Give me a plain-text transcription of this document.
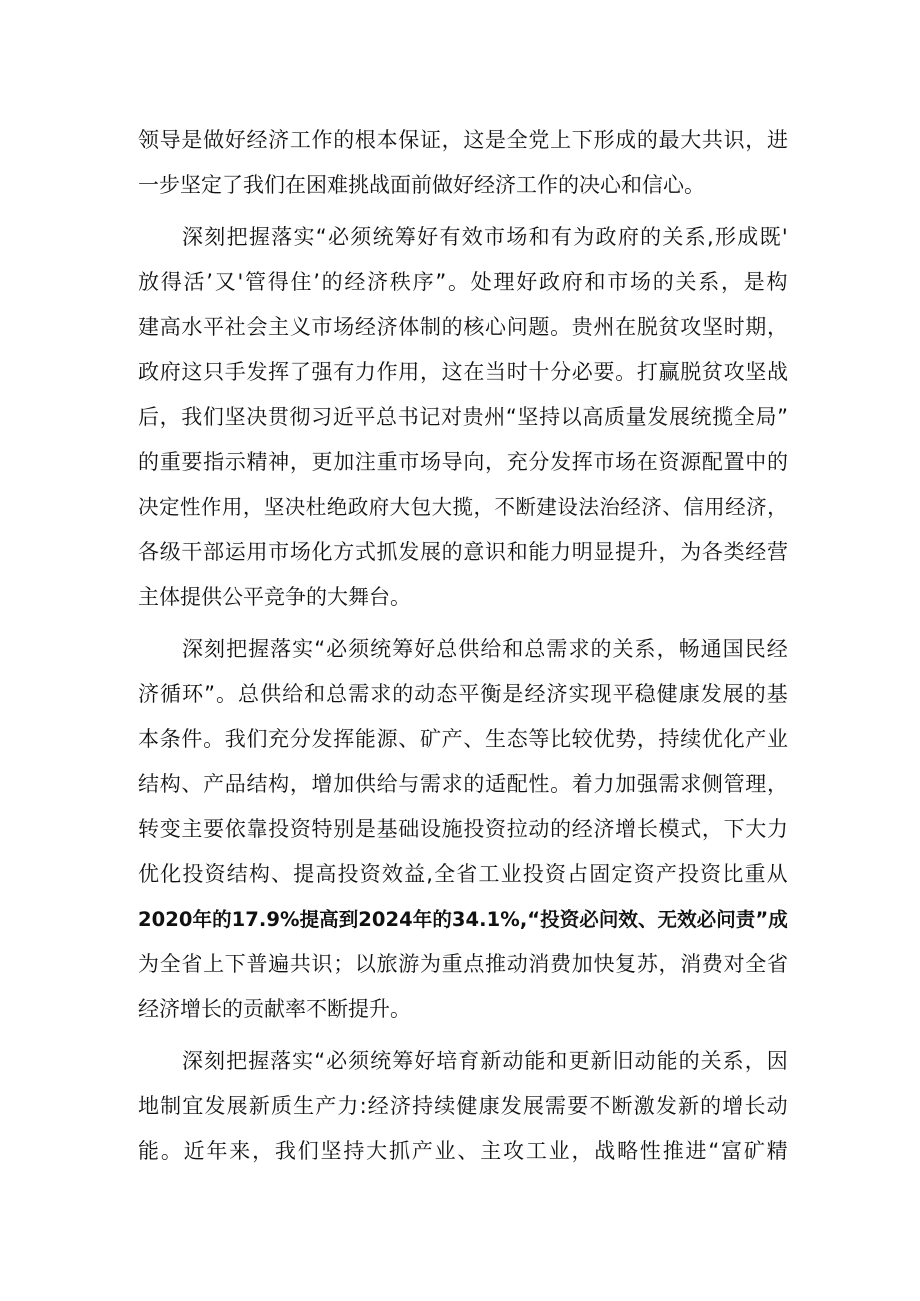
领 导 是 做 好 经 济 工 作 的 根 本 保 证 ， 这 是 全 党 上 下 形 成 的 最 大 共 识 ， 进
一步坚定了我们在困难挑战面前做好经济工作的决心和信心。
深 刻 把 握 落 实 “ 必 须 统 筹 好 有 效 市 场 和 有 为 政 府 的 关 系 , 形 成 既 '
放 得 活 ’ 又 ' 管 得 住 ’ 的 经 济 秩 序 ” 。 处 理 好 政 府 和 市 场 的 关 系 ， 是 构
建 高 水 平 社 会 主 义 市 场 经 济 体 制 的 核 心 问 题 。 贵 州 在 脱 贫 攻 坚 时 期 ，
政 府 这 只 手 发 挥 了 强 有 力 作 用 ， 这 在 当 时 十 分 必 要 。 打 赢 脱 贫 攻 坚 战
后 ， 我 们 坚 决 贯 彻 习 近 平 总 书 记 对 贵 州 “ 坚 持 以 高 质 量 发 展 统 揽 全 局 ”
的 重 要 指 示 精 神 ， 更 加 注 重 市 场 导 向 ， 充 分 发 挥 市 场 在 资 源 配 置 中 的
决 定 性 作 用 ， 坚 决 杜 绝 政 府 大 包 大 揽 ， 不 断 建 设 法 治 经 济 、 信 用 经 济 ，
各 级 干 部 运 用 市 场 化 方 式 抓 发 展 的 意 识 和 能 力 明 显 提 升 ， 为 各 类 经 营
主体提供公平竞争的大舞台。
深 刻 把 握 落 实 “ 必 须 统 筹 好 总 供 给 和 总 需 求 的 关 系 ， 畅 通 国 民 经
济 循 环 ” 。 总 供 给 和 总 需 求 的 动 态 平 衡 是 经 济 实 现 平 稳 健 康 发 展 的 基
本 条 件 。 我 们 充 分 发 挥 能 源 、 矿 产 、 生 态 等 比 较 优 势 ， 持 续 优 化 产 业
结 构 、 产 品 结 构 ， 增 加 供 给 与 需 求 的 适 配 性 。 着 力 加 强 需 求 侧 管 理 ，
转 变 主 要 依 靠 投 资 特 别 是 基 础 设 施 投 资 拉 动 的 经 济 增 长 模 式 ， 下 大 力
优 化 投 资 结 构 、 提 高 投 资 效 益 , 全 省 工 业 投 资 占 固 定 资 产 投 资 比 重 从
2 0 2 0 年 的 1 7 . 9 % 提 高 到 2 0 2 4 年 的 3 4 . 1 % , “ 投 资 必 问 效 、 无 效 必 问 责 ” 成
为 全 省 上 下 普 遍 共 识 ； 以 旅 游 为 重 点 推 动 消 费 加 快 复 苏 ， 消 费 对 全 省
经济增长的贡献率不断提升。
深 刻 把 握 落 实 “ 必 须 统 筹 好 培 育 新 动 能 和 更 新 旧 动 能 的 关 系 ， 因
地 制 宜 发 展 新 质 生 产 力 : 经 济 持 续 健 康 发 展 需 要 不 断 激 发 新 的 增 长 动
能 。 近 年 来 ， 我 们 坚 持 大 抓 产 业 、 主 攻 工 业 ， 战 略 性 推 进 “ 富 矿 精
